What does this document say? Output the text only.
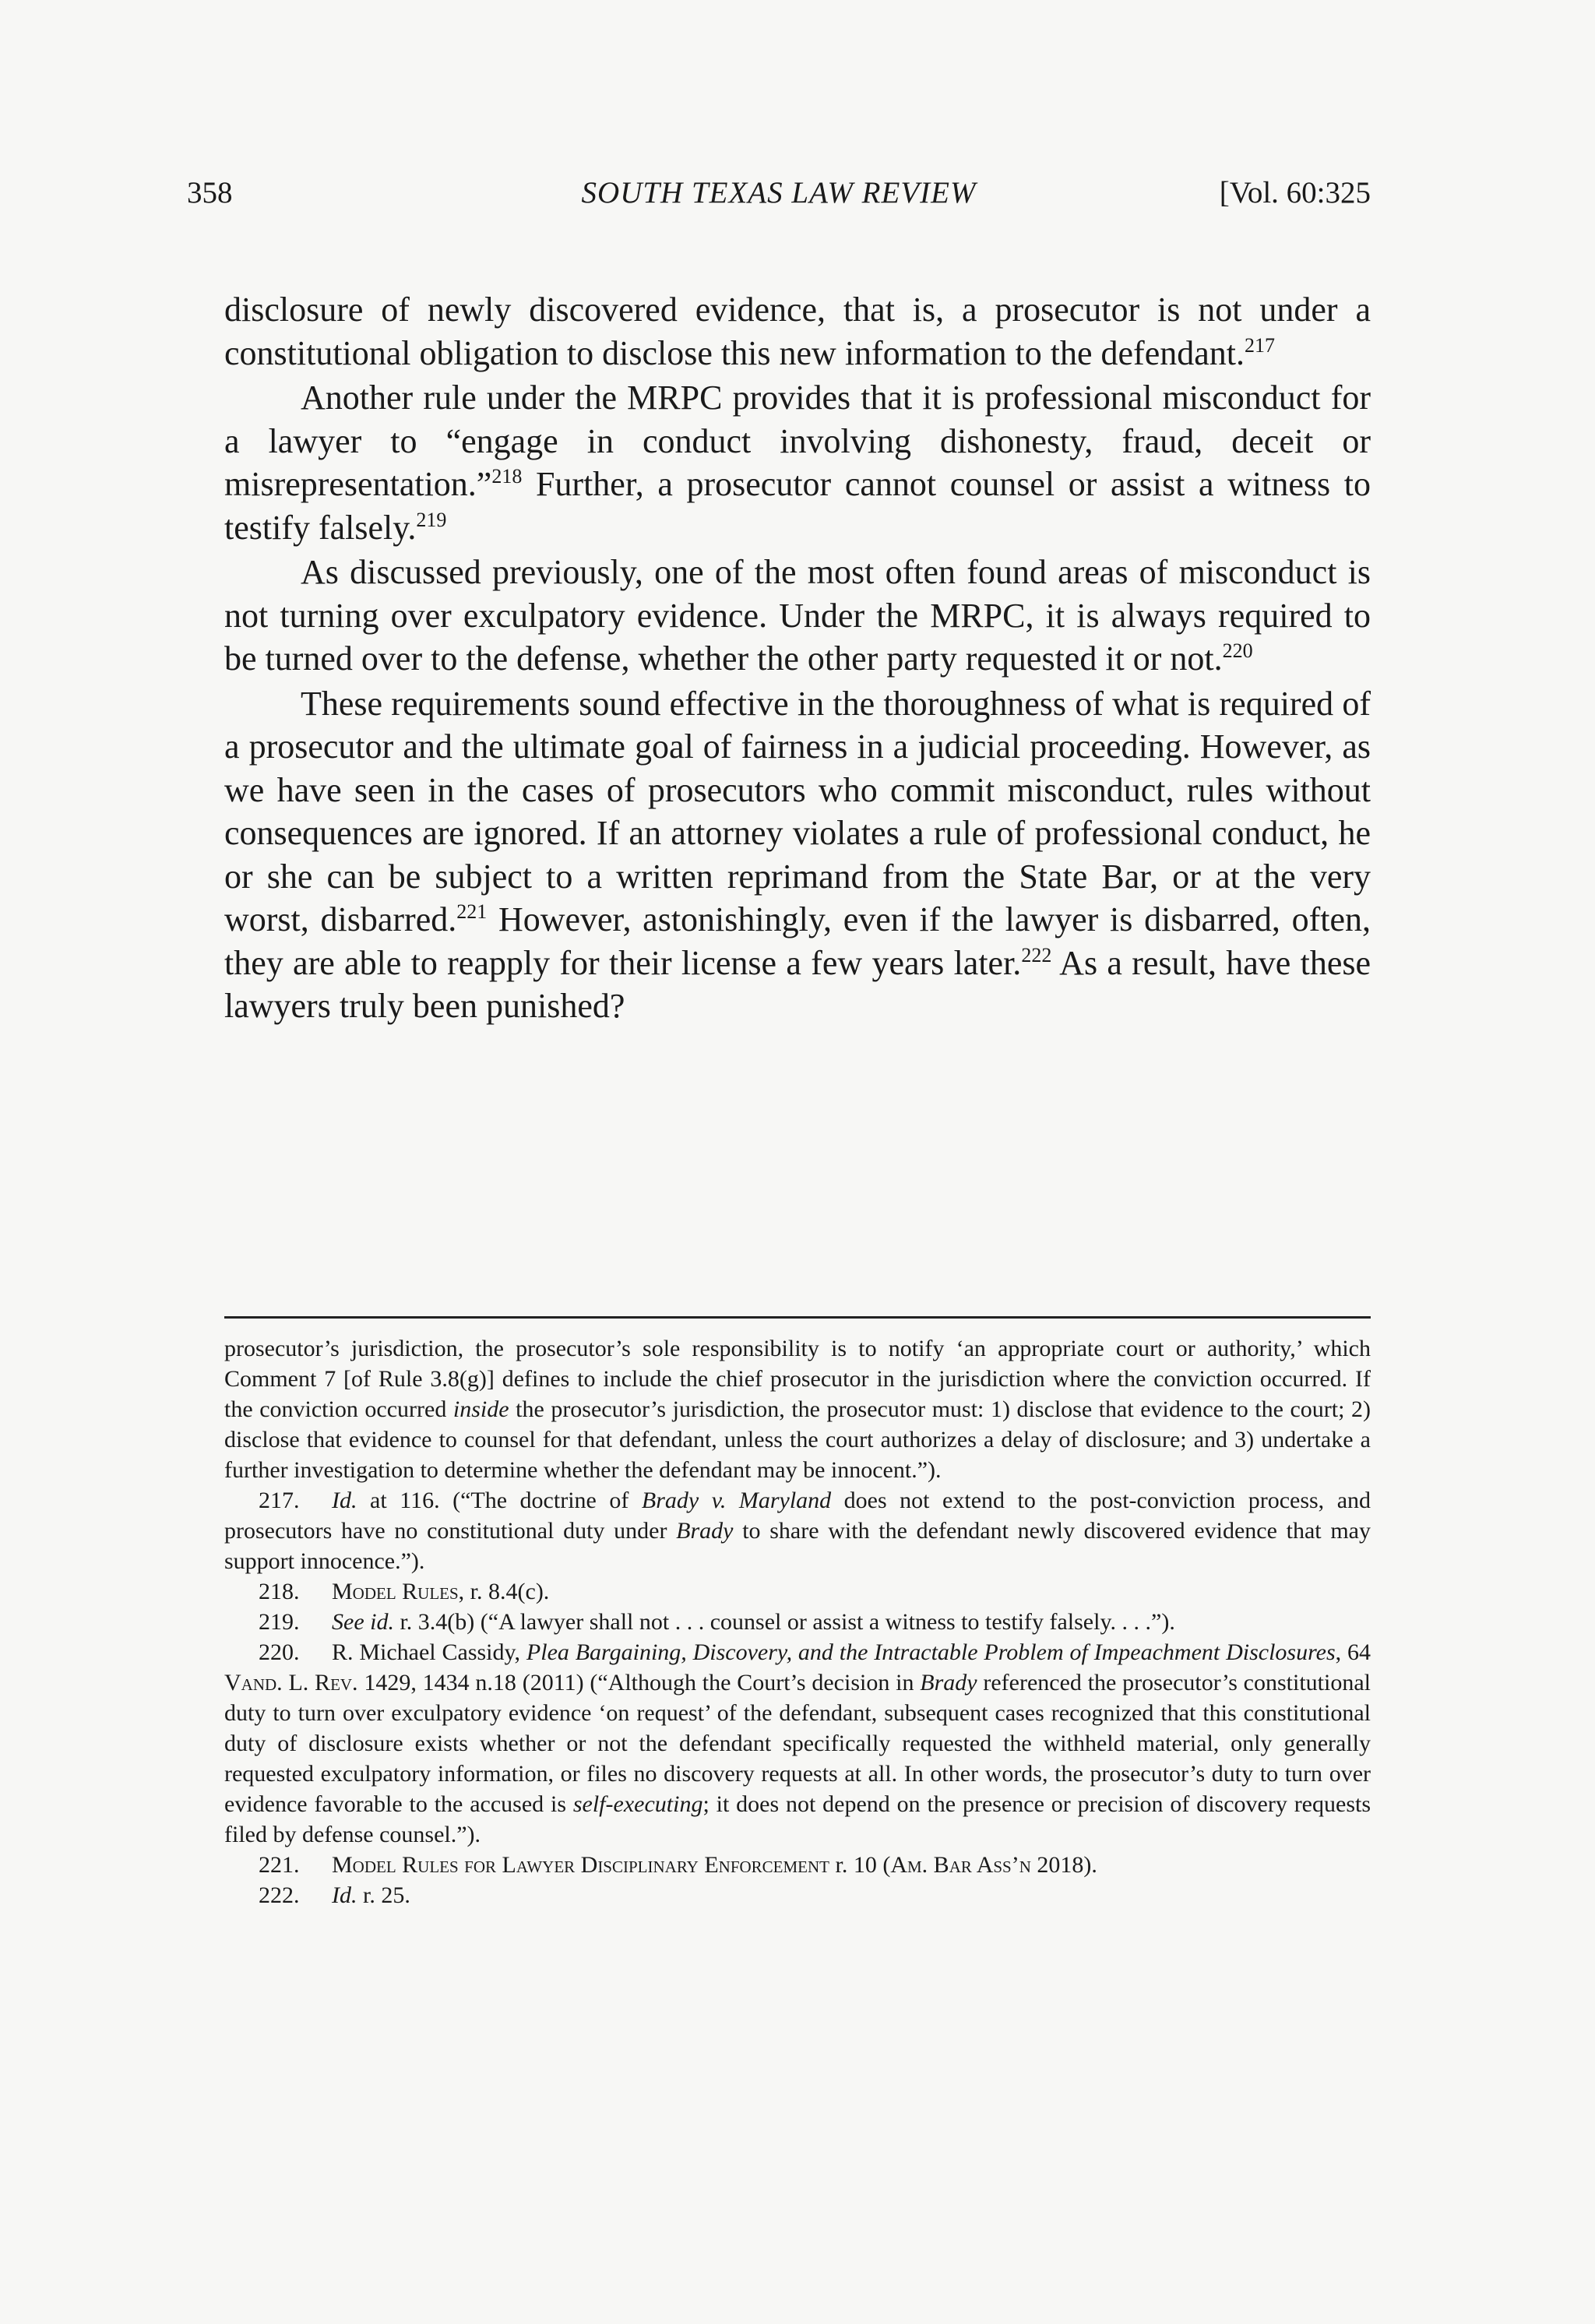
358	SOUTH TEXAS LAW REVIEW	[Vol. 60:325

disclosure of newly discovered evidence, that is, a prosecutor is not under a constitutional obligation to disclose this new information to the defendant.$^{217}$

Another rule under the MRPC provides that it is professional misconduct for a lawyer to “engage in conduct involving dishonesty, fraud, deceit or misrepresentation.”$^{218}$ Further, a prosecutor cannot counsel or assist a witness to testify falsely.$^{219}$

As discussed previously, one of the most often found areas of misconduct is not turning over exculpatory evidence. Under the MRPC, it is always required to be turned over to the defense, whether the other party requested it or not.$^{220}$

These requirements sound effective in the thoroughness of what is required of a prosecutor and the ultimate goal of fairness in a judicial proceeding. However, as we have seen in the cases of prosecutors who commit misconduct, rules without consequences are ignored. If an attorney violates a rule of professional conduct, he or she can be subject to a written reprimand from the State Bar, or at the very worst, disbarred.$^{221}$ However, astonishingly, even if the lawyer is disbarred, often, they are able to reapply for their license a few years later.$^{222}$ As a result, have these lawyers truly been punished?

prosecutor’s jurisdiction, the prosecutor’s sole responsibility is to notify ‘an appropriate court or authority,’ which Comment 7 [of Rule 3.8(g)] defines to include the chief prosecutor in the jurisdiction where the conviction occurred. If the conviction occurred inside the prosecutor’s jurisdiction, the prosecutor must: 1) disclose that evidence to the court; 2) disclose that evidence to counsel for that defendant, unless the court authorizes a delay of disclosure; and 3) undertake a further investigation to determine whether the defendant may be innocent.”).

217. Id. at 116. (“The doctrine of Brady v. Maryland does not extend to the post-conviction process, and prosecutors have no constitutional duty under Brady to share with the defendant newly discovered evidence that may support innocence.”).

218. Model Rules, r. 8.4(c).

219. See id. r. 3.4(b) (“A lawyer shall not . . . counsel or assist a witness to testify falsely. . . .”).

220. R. Michael Cassidy, Plea Bargaining, Discovery, and the Intractable Problem of Impeachment Disclosures, 64 Vand. L. Rev. 1429, 1434 n.18 (2011) (“Although the Court’s decision in Brady referenced the prosecutor’s constitutional duty to turn over exculpatory evidence ‘on request’ of the defendant, subsequent cases recognized that this constitutional duty of disclosure exists whether or not the defendant specifically requested the withheld material, only generally requested exculpatory information, or files no discovery requests at all. In other words, the prosecutor’s duty to turn over evidence favorable to the accused is self-executing; it does not depend on the presence or precision of discovery requests filed by defense counsel.”).

221. Model Rules for Lawyer Disciplinary Enforcement r. 10 (Am. Bar Ass’n 2018).

222. Id. r. 25.
